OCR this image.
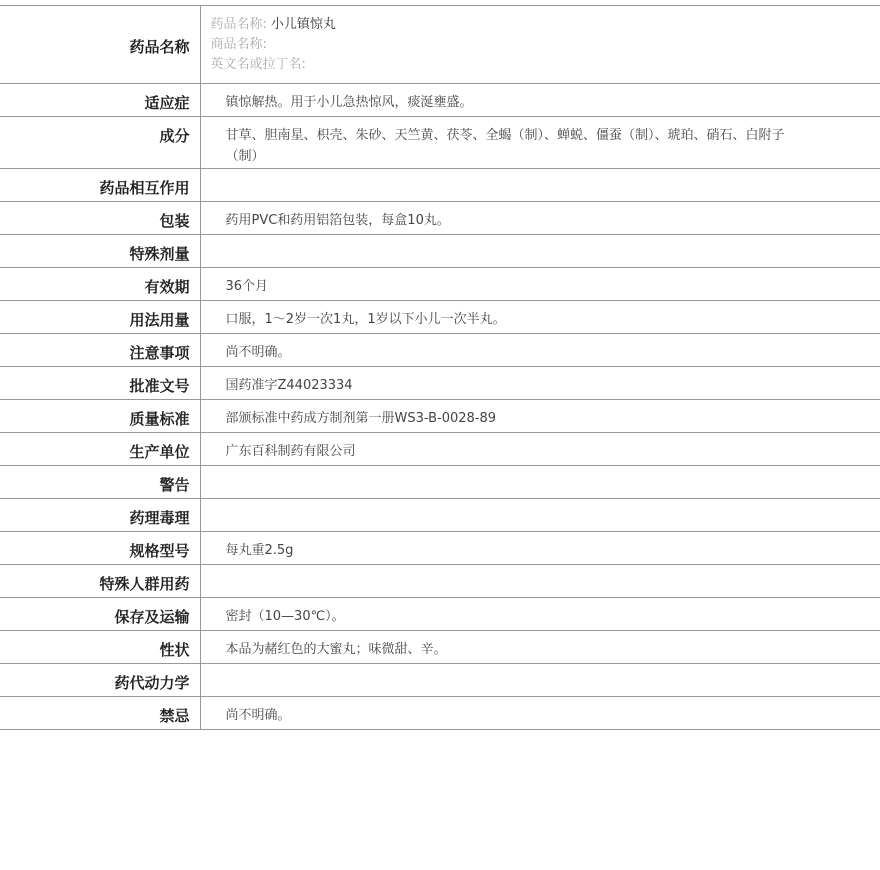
药品名称	药品名称: 小儿镇惊丸
商品名称:
英文名或拉丁名:

适应症	镇惊解热。用于小儿急热惊风，痰涎壅盛。
成分	甘草、胆南星、枳壳、朱砂、天竺黄、茯苓、全蝎（制）、蝉蜕、僵蚕（制）、琥珀、硝石、白附子（制）
药品相互作用	
包装	药用PVC和药用铝箔包装，每盒10丸。
特殊剂量	
有效期	36个月
用法用量	口服，1～2岁一次1丸，1岁以下小儿一次半丸。
注意事项	尚不明确。
批准文号	国药准字Z44023334
质量标准	部颁标准中药成方制剂第一册WS3-B-0028-89
生产单位	广东百科制药有限公司
警告	
药理毒理	
规格型号	每丸重2.5g
特殊人群用药	
保存及运输	密封（10—30℃）。
性状	本品为赭红色的大蜜丸；味微甜、辛。
药代动力学	
禁忌	尚不明确。
